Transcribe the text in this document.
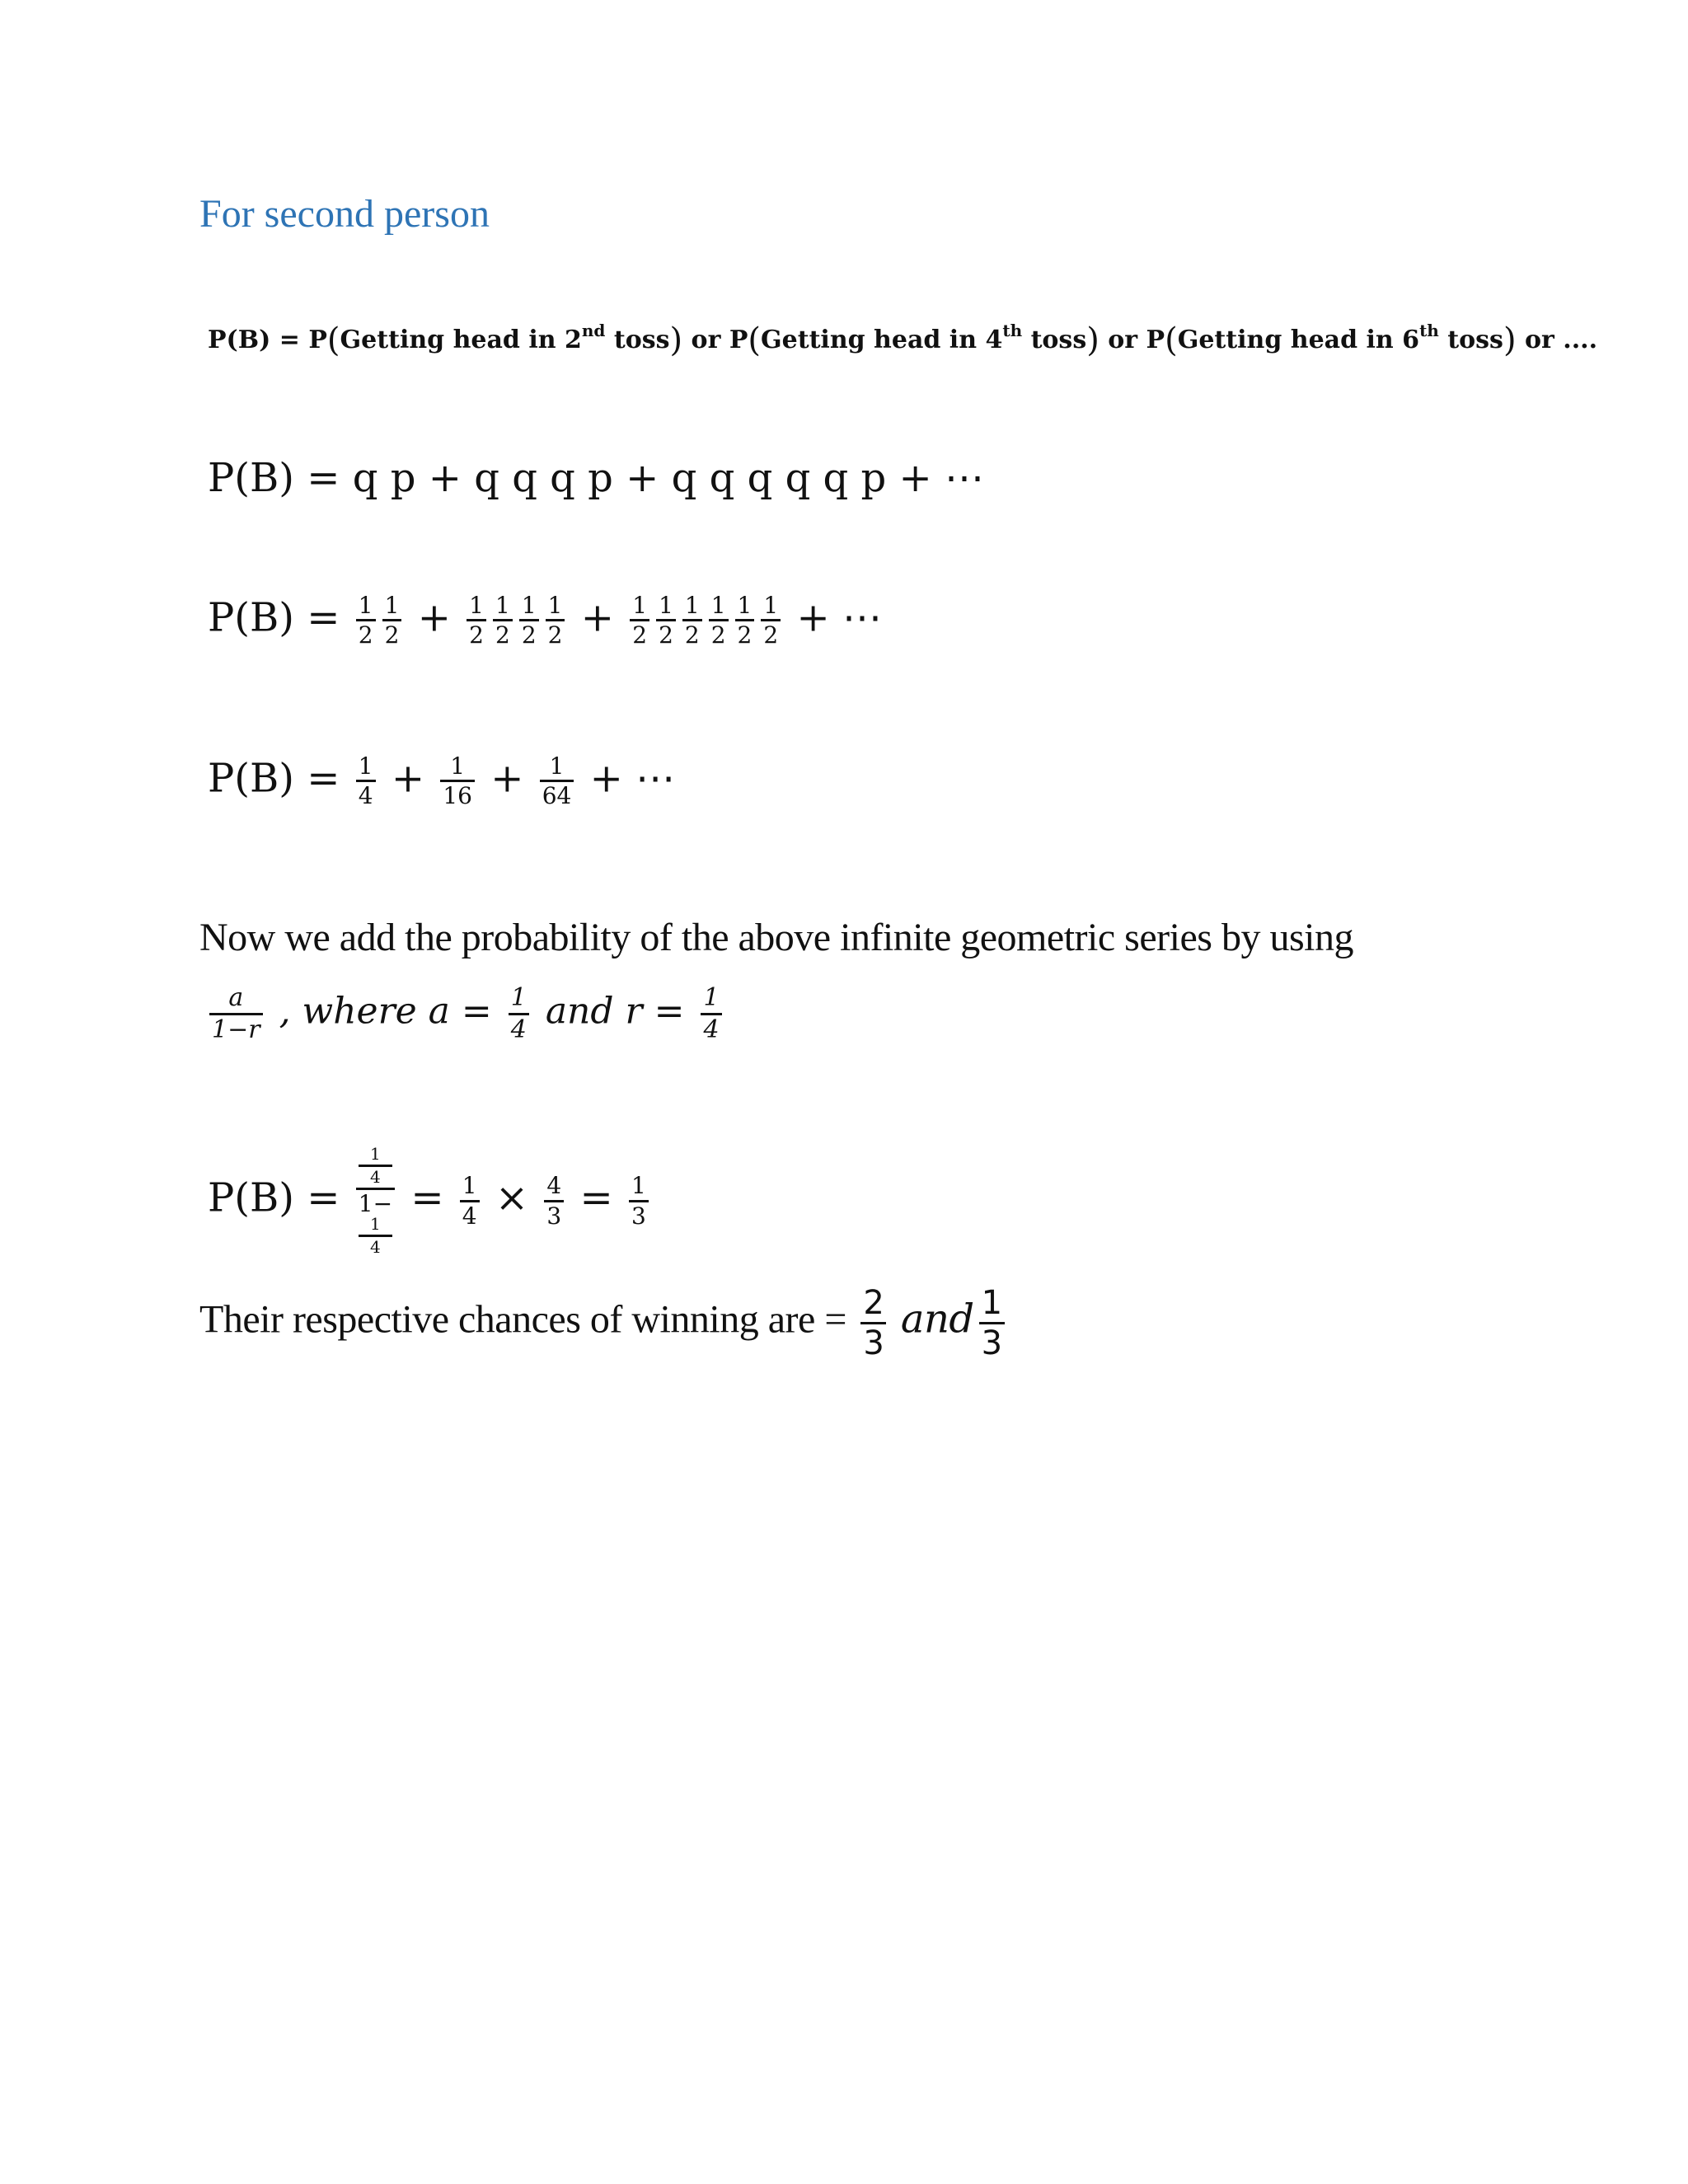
For second person
P(B) = P(Getting head in 2nd toss) or P(Getting head in 4th toss) or P(Getting head in 6th toss) or ....
P(B) = q p + q q q p + q q q q q p + ⋯
$P(B) = \frac{1}{2} \frac{1}{2} + \frac{1}{2} \frac{1}{2} \frac{1}{2} \frac{1}{2} + \frac{1}{2} \frac{1}{2} \frac{1}{2} \frac{1}{2} \frac{1}{2} \frac{1}{2}$ + ⋯
$P(B) = \frac{1}{4} + \frac{1}{16} + \frac{1}{64}$ + ⋯
Now we add the probability of the above infinite geometric series by using
$\frac{a}{1-r}$ , where $a = \frac{1}{4}$ and $r = \frac{1}{4}$
P(B) = 1
4
1−
1
$4 = \frac{1}{4} \times \frac{4}{3} = \frac{1}{3}$
Their respective chances of winning are = $\frac{2}{3}$ and $\frac{1}{3}$
